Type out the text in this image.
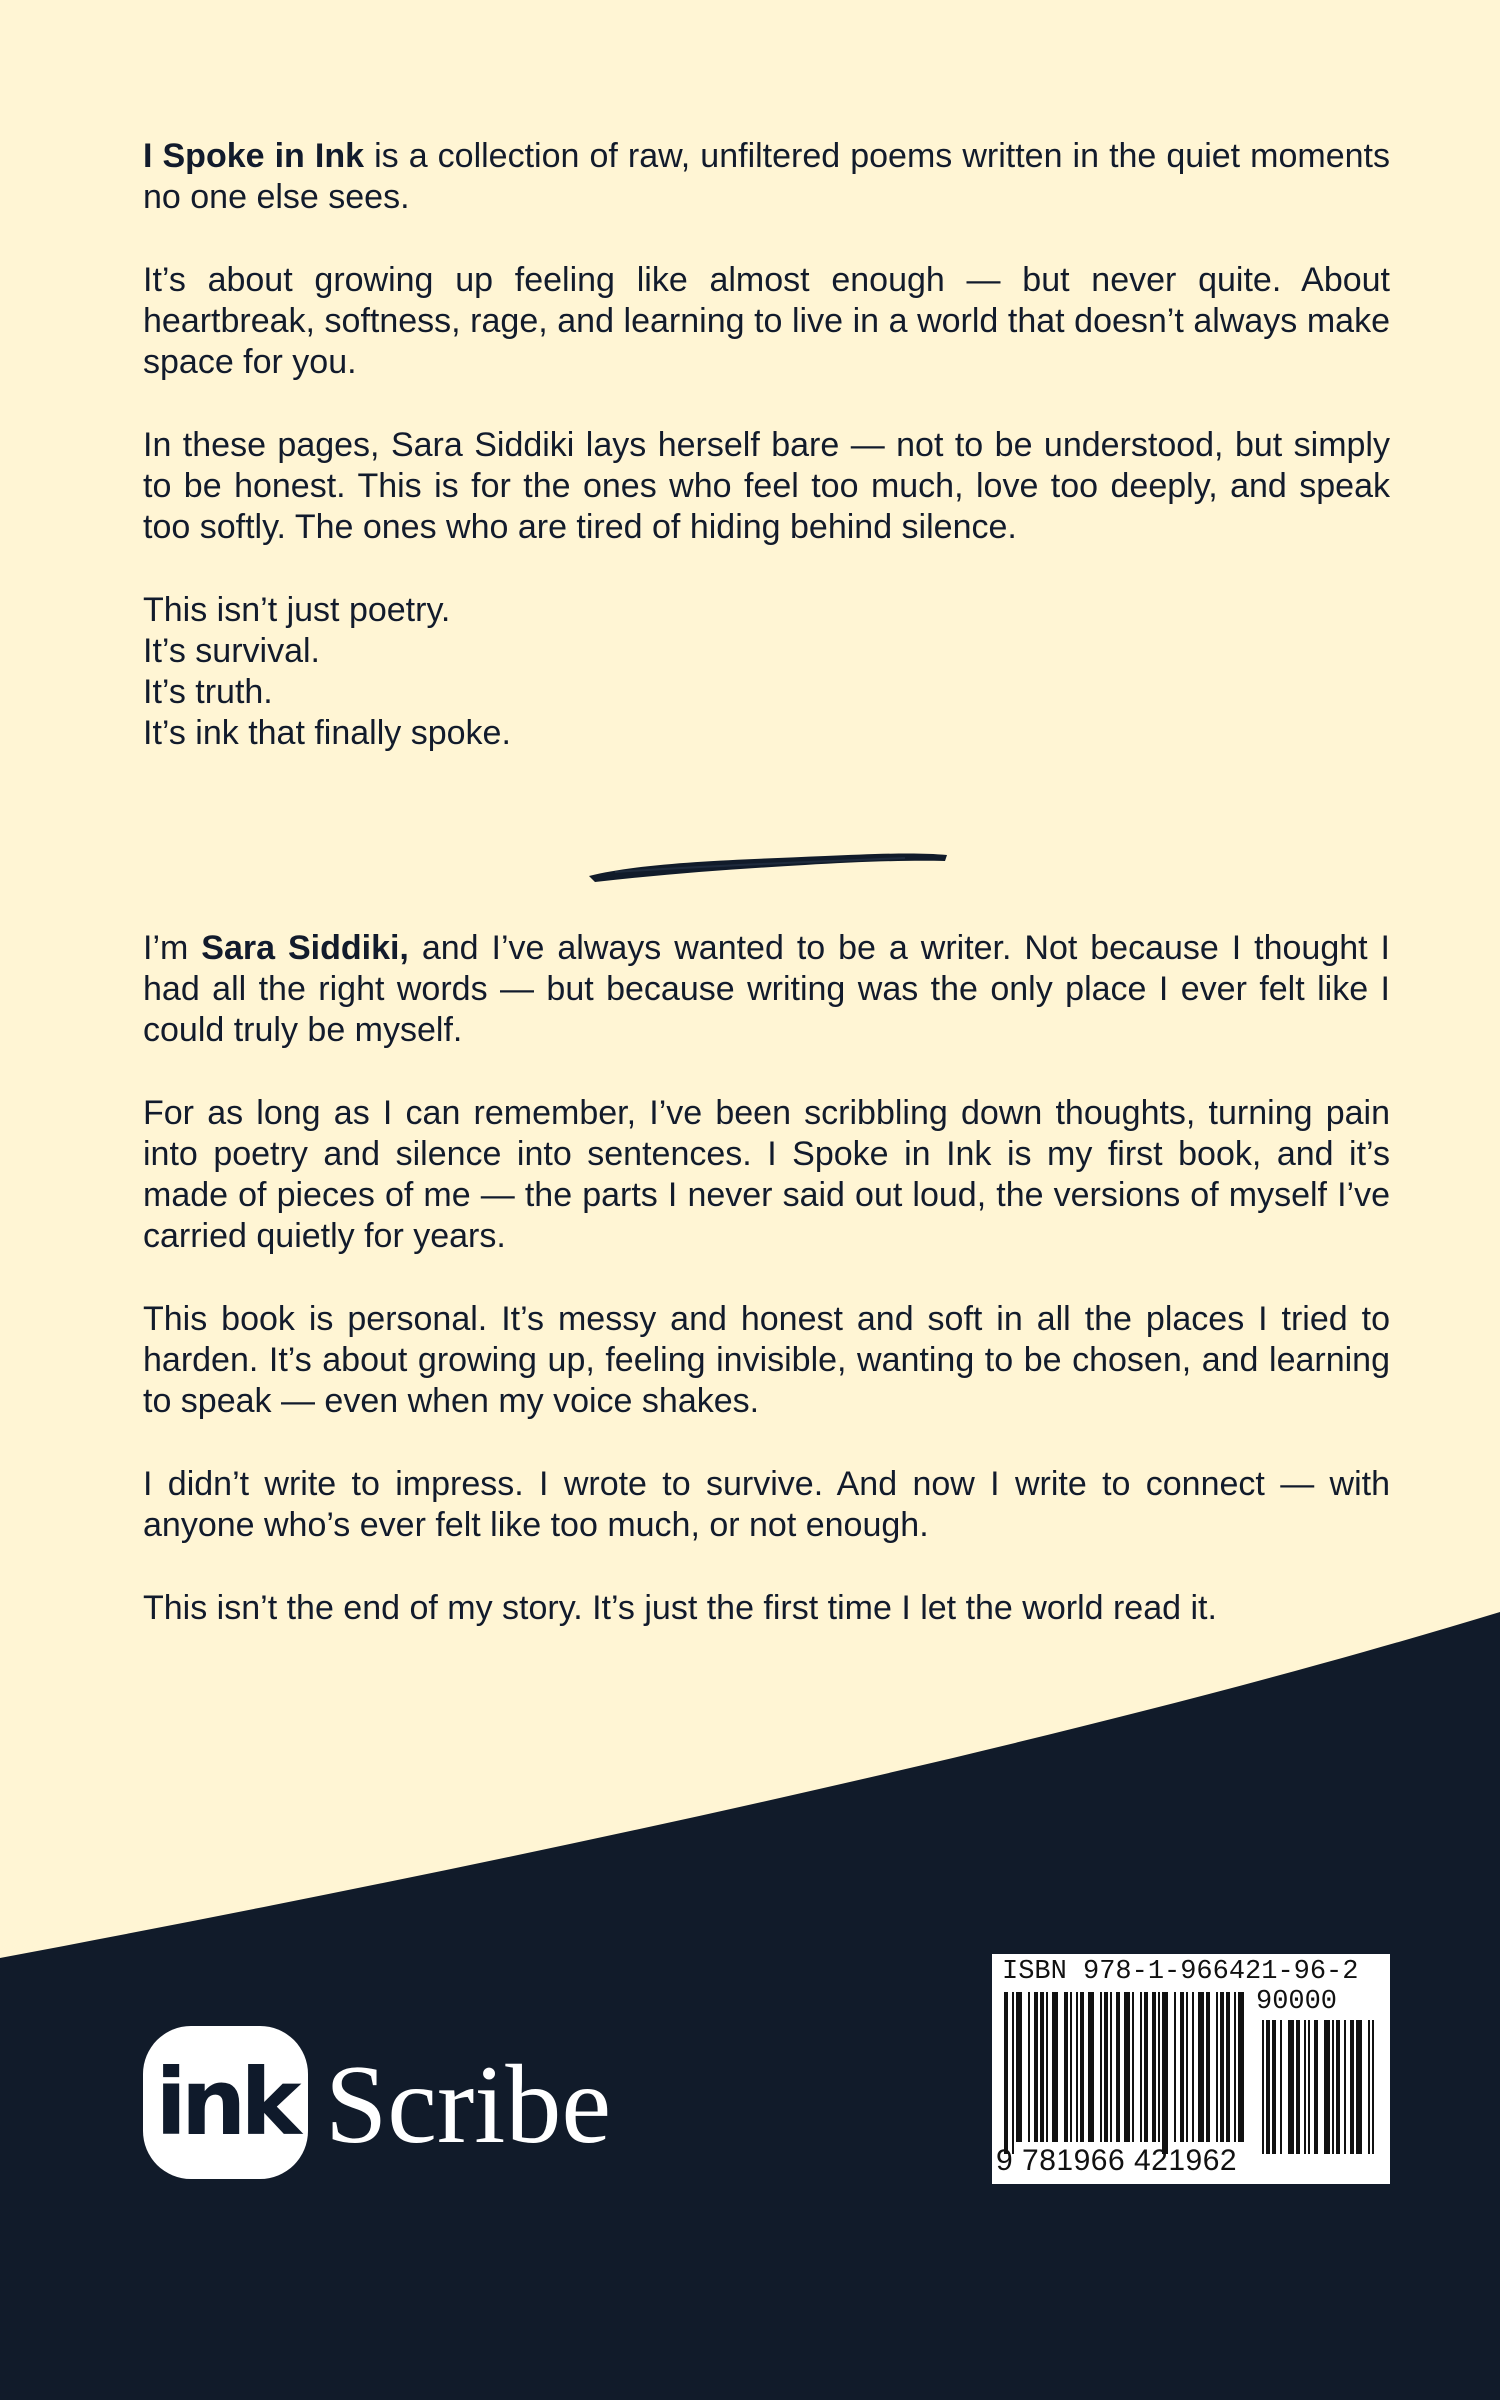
I Spoke in Ink is a collection of raw, unfiltered poems written in the quiet moments no one else sees.

It’s about growing up feeling like almost enough — but never quite. About heartbreak, softness, rage, and learning to live in a world that doesn’t always make space for you.

In these pages, Sara Siddiki lays herself bare — not to be understood, but simply to be honest. This is for the ones who feel too much, love too deeply, and speak too softly. The ones who are tired of hiding behind silence.

This isn’t just poetry.

It’s survival.

It’s truth.

It’s ink that finally spoke.

I’m Sara Siddiki, and I’ve always wanted to be a writer. Not because I thought I had all the right words — but because writing was the only place I ever felt like I could truly be myself.

For as long as I can remember, I’ve been scribbling down thoughts, turning pain into poetry and silence into sentences. I Spoke in Ink is my first book, and it’s made of pieces of me — the parts I never said out loud, the versions of myself I’ve carried quietly for years.

This book is personal. It’s messy and honest and soft in all the places I tried to harden. It’s about growing up, feeling invisible, wanting to be chosen, and learning to speak — even when my voice shakes.

I didn’t write to impress. I wrote to survive. And now I write to connect — with anyone who’s ever felt like too much, or not enough.

This isn’t the end of my story. It’s just the first time I let the world read it.

ink Scribe
ISBN 978-1-966421-96-2
90000
9 781966 421962
